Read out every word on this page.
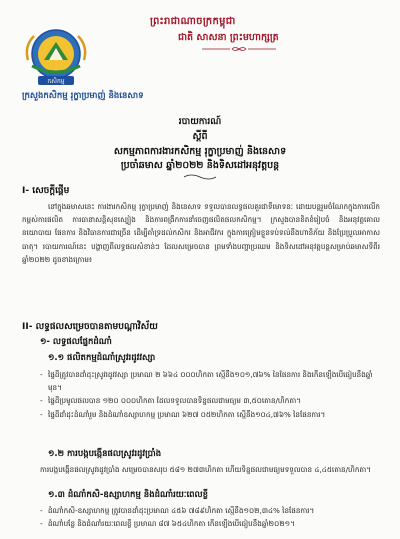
ព្រះរាជាណាចក្រកម្ពុជា
ជាតិ សាសនា ព្រះមហាក្សត្រ
កសិកម្ម
ក្រសួងកសិកម្ម រុក្ខាប្រមាញ់ និងនេសាទ
របាយការណ៍
ស្តីពី
សកម្មភាពការងារកសិកម្ម រុក្ខាប្រមាញ់ និងនេសាទ
ប្រចាំឆមាស ឆ្នាំ២០២២ និងទិសដៅអនុវត្តបន្ត
I- សេចក្តីផ្តើម
នៅក្នុងឆមាសនេះ ការងារកសិកម្ម រុក្ខាប្រមាញ់ និងនេសាទ ទទួលបានលទ្ធផលគួរជាទីមោទនៈ ដោយបន្តរួមចំណែកក្នុងការលើកកម្ពស់ការផលិត ការធានាសន្តិសុខស្បៀង និងការពង្រីកការនាំចេញផលិតផលកសិកម្ម។ ក្រសួងបានខិតខំរៀបចំ និងអនុវត្តគោលនយោបាយ ផែនការ និងវិធានការជាច្រើន ដើម្បីគាំទ្រដល់កសិករ និងអាជីវករ ក្នុងការត្រៀមខ្លួនទប់ទល់នឹងហានិភ័យ និងប្រែប្រួលអាកាសធាតុ។ របាយការណ៍នេះ បង្ហាញពីលទ្ធផលសំខាន់ៗ ដែលសម្រេចបាន ព្រមទាំងបញ្ហាប្រឈម និងទិសដៅអនុវត្តបន្តសម្រាប់ឆមាសទីពីរ ឆ្នាំ២០២២ ដូចខាងក្រោម៖
II- លទ្ធផលសម្រេចបានតាមបណ្តាវិស័យ
១- លទ្ធផលផ្នែកដំណាំ
១.១ ផលិតកម្មដំណាំស្រូវរដូវវស្សា
- ផ្ទៃដីត្រូវបានដាំដុះស្រូវរដូវវស្សា ប្រមាណ ២ ៦៦៤ ០០០ហិកតា ស្មើនឹង១០១,៧៦% នៃផែនការ និងកើនឡើងបើធៀបនឹងឆ្នាំមុន។
- ផ្ទៃដីប្រមូលផលបាន ១២០ ០០០ហិកតា ដែលទទួលបានទិន្នផលជាមធ្យម ៣,៥០តោន/ហិកតា។
- ផ្ទៃដីដាំដុះដំណាំរួម និងដំណាំឧស្សាហកម្ម ប្រមាណ ៦២៧ ០៥២ហិកតា ស្មើនឹង១០៤,៧៦% នៃផែនការ។
១.២ ការបង្កបង្កើនផលស្រូវរដូវប្រាំង
ការបង្កបង្កើនផលស្រូវរដូវប្រាំង សម្រេចបានសរុប ៥៨១ ២៧៣ហិកតា ហើយទិន្នផលជាមធ្យមទទួលបាន ៤,៤៥តោន/ហិកតា។
១.៣ ដំណាំកសិ-ឧស្សាហកម្ម និងដំណាំរយៈពេលខ្លី
- ដំណាំកសិ-ឧស្សាហកម្ម ត្រូវបានដាំដុះប្រមាណ ៤៥៦ ៧៨៩ហិកតា ស្មើនឹង១០២,៣៤% នៃផែនការ។
- ដំណាំបន្លែ និងដំណាំរយៈពេលខ្លី ប្រមាណ ៨៧ ៦៥៤ហិកតា កើនឡើងបើធៀបនឹងឆ្នាំ២០២១។
